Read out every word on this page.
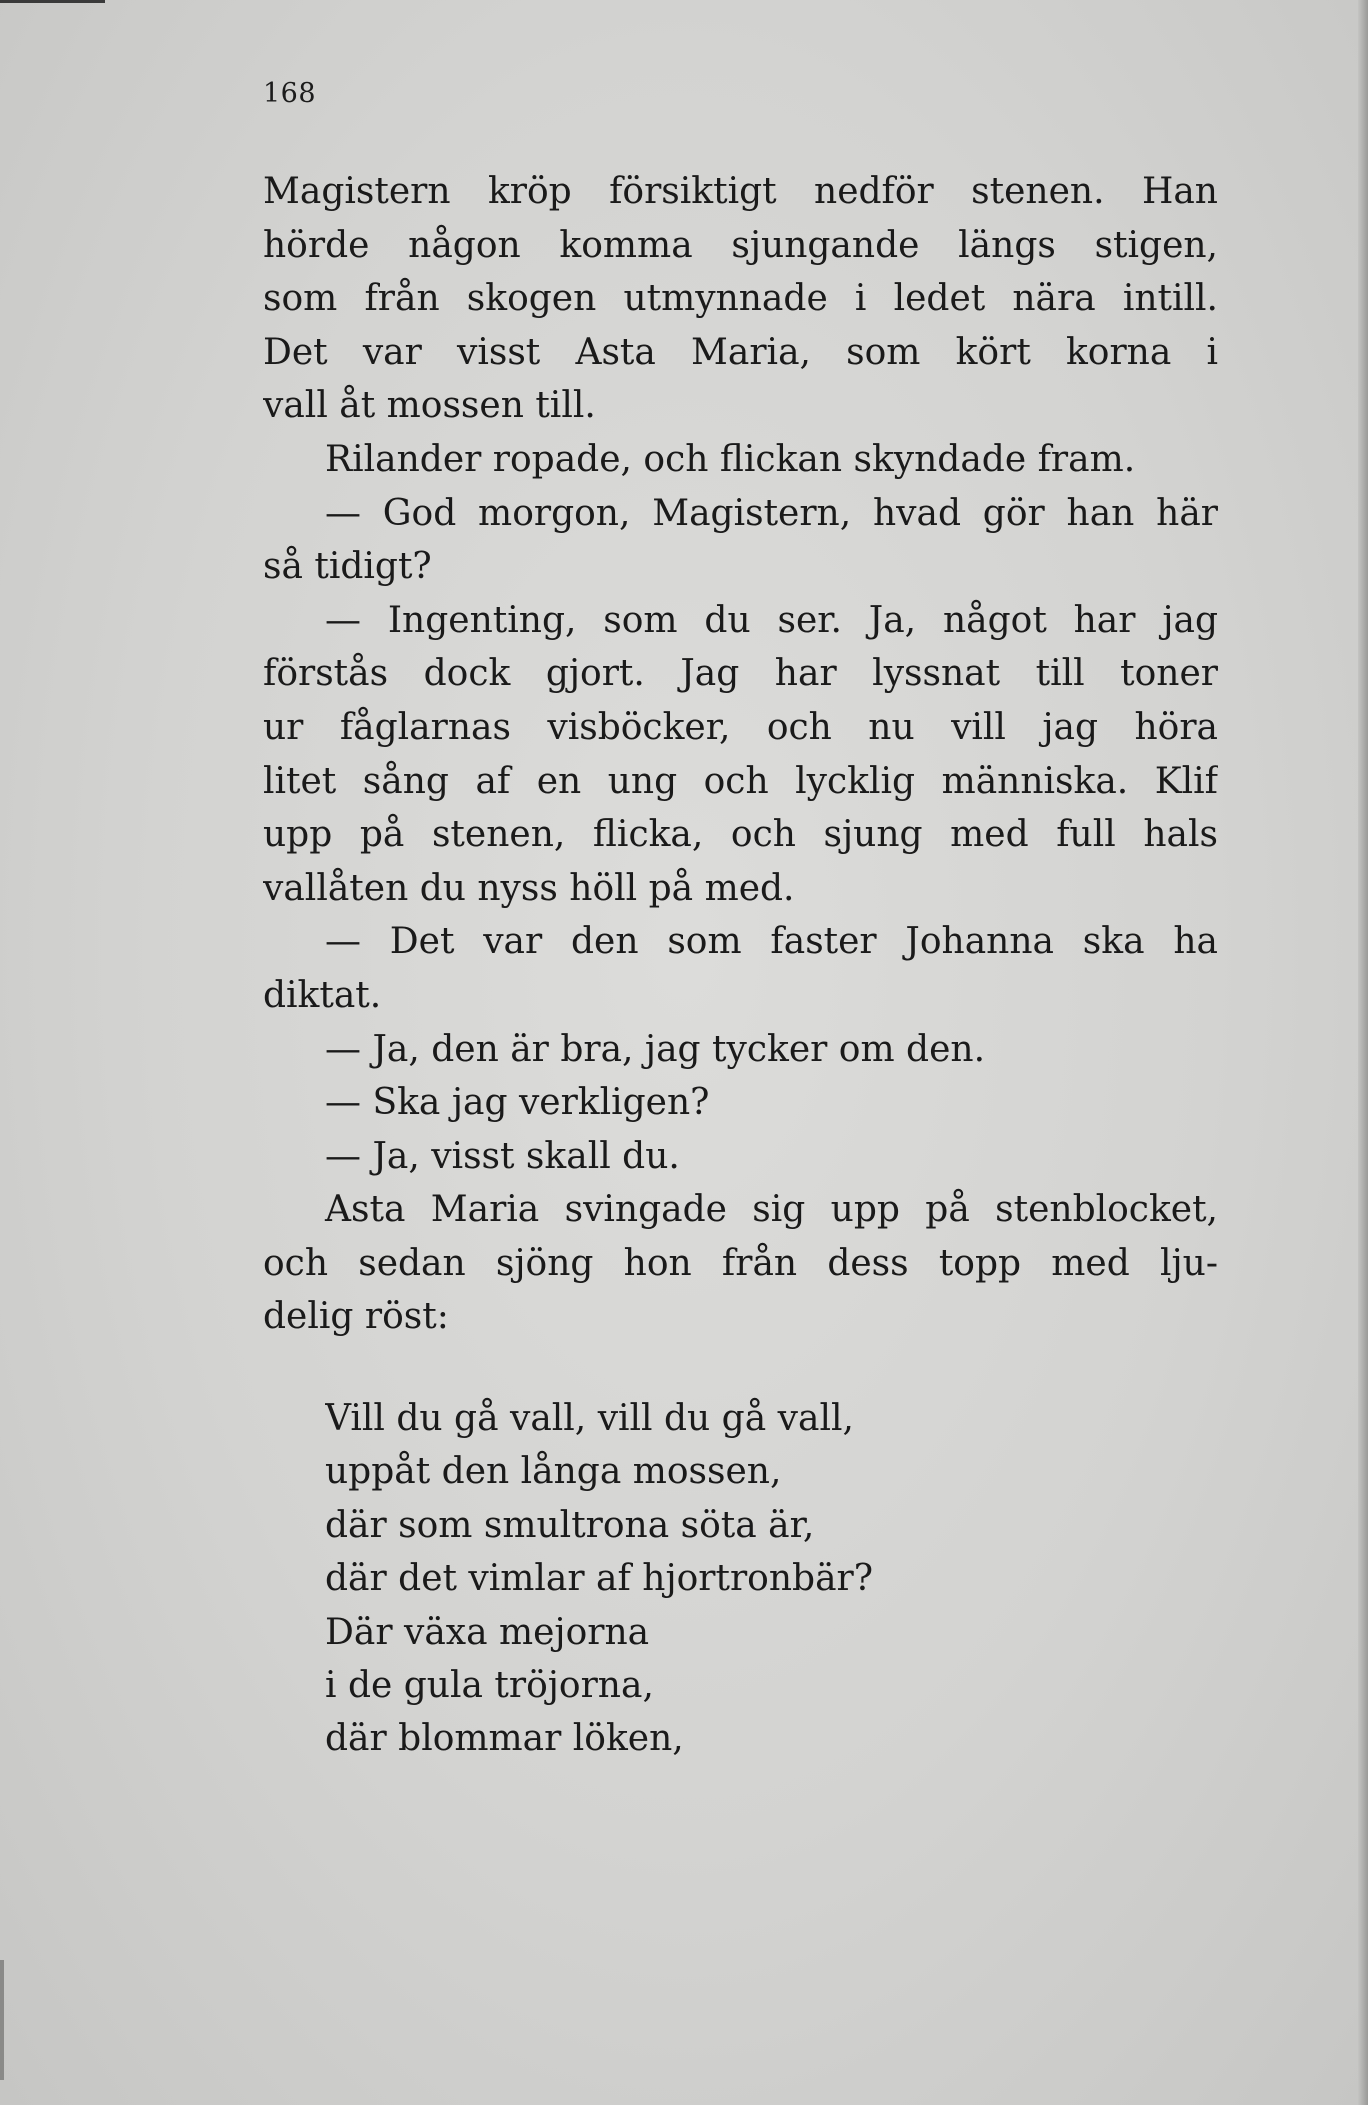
168
Magistern kröp försiktigt nedför stenen. Han
hörde någon komma sjungande längs stigen,
som från skogen utmynnade i ledet nära intill.
Det var visst Asta Maria, som kört korna i
vall åt mossen till.
Rilander ropade, och flickan skyndade fram.
— God morgon, Magistern, hvad gör han här
så tidigt?
— Ingenting, som du ser. Ja, något har jag
förstås dock gjort. Jag har lyssnat till toner
ur fåglarnas visböcker, och nu vill jag höra
litet sång af en ung och lycklig människa. Klif
upp på stenen, flicka, och sjung med full hals
vallåten du nyss höll på med.
— Det var den som faster Johanna ska ha
diktat.
— Ja, den är bra, jag tycker om den.
— Ska jag verkligen?
— Ja, visst skall du.
Asta Maria svingade sig upp på stenblocket,
och sedan sjöng hon från dess topp med lju-
delig röst:
Vill du gå vall, vill du gå vall,
uppåt den långa mossen,
där som smultrona söta är,
där det vimlar af hjortronbär?
Där växa mejorna
i de gula tröjorna,
där blommar löken,
